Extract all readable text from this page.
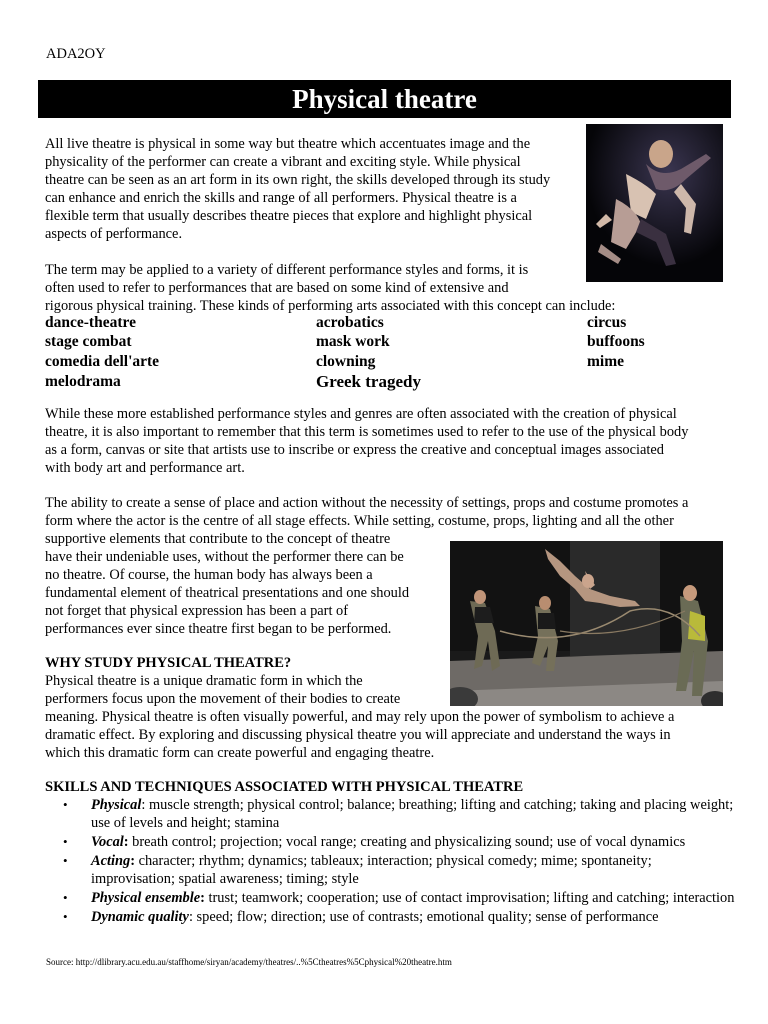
ADA2OY
Physical theatre
All live theatre is physical in some way but theatre which accentuates image and the
physicality of the performer can create a vibrant and exciting style. While physical
theatre can be seen as an art form in its own right, the skills developed through its study
can enhance and enrich the skills and range of all performers. Physical theatre is a
flexible term that usually describes theatre pieces that explore and highlight physical
aspects of performance.
The term may be applied to a variety of different performance styles and forms, it is
often used to refer to performances that are based on some kind of extensive and
rigorous physical training. These kinds of performing arts associated with this concept can include:
dance-theatre
stage combat
comedia dell'arte
melodrama
acrobatics
mask work
clowning
Greek tragedy
circus
buffoons
mime
While these more established performance styles and genres are often associated with the creation of physical
theatre, it is also important to remember that this term is sometimes used to refer to the use of the physical body
as a form, canvas or site that artists use to inscribe or express the creative and conceptual images associated
with body art and performance art.
The ability to create a sense of place and action without the necessity of settings, props and costume promotes a
form where the actor is the centre of all stage effects. While setting, costume, props, lighting and all the other
supportive elements that contribute to the concept of theatre
have their undeniable uses, without the performer there can be
no theatre. Of course, the human body has always been a
fundamental element of theatrical presentations and one should
not forget that physical expression has been a part of
performances ever since theatre first began to be performed.
WHY STUDY PHYSICAL THEATRE?
Physical theatre is a unique dramatic form in which the
performers focus upon the movement of their bodies to create
meaning. Physical theatre is often visually powerful, and may rely upon the power of symbolism to achieve a
dramatic effect. By exploring and discussing physical theatre you will appreciate and understand the ways in
which this dramatic form can create powerful and engaging theatre.
SKILLS AND TECHNIQUES ASSOCIATED WITH PHYSICAL THEATRE
• Physical: muscle strength; physical control; balance; breathing; lifting and catching; taking and placing weight; use of levels and height; stamina
• Vocal: breath control; projection; vocal range; creating and physicalizing sound; use of vocal dynamics
• Acting: character; rhythm; dynamics; tableaux; interaction; physical comedy; mime; spontaneity; improvisation; spatial awareness; timing; style
• Physical ensemble: trust; teamwork; cooperation; use of contact improvisation; lifting and catching; interaction
• Dynamic quality: speed; flow; direction; use of contrasts; emotional quality; sense of performance
Source: http://dlibrary.acu.edu.au/staffhome/siryan/academy/theatres/..%5Ctheatres%5Cphysical%20theatre.htm
